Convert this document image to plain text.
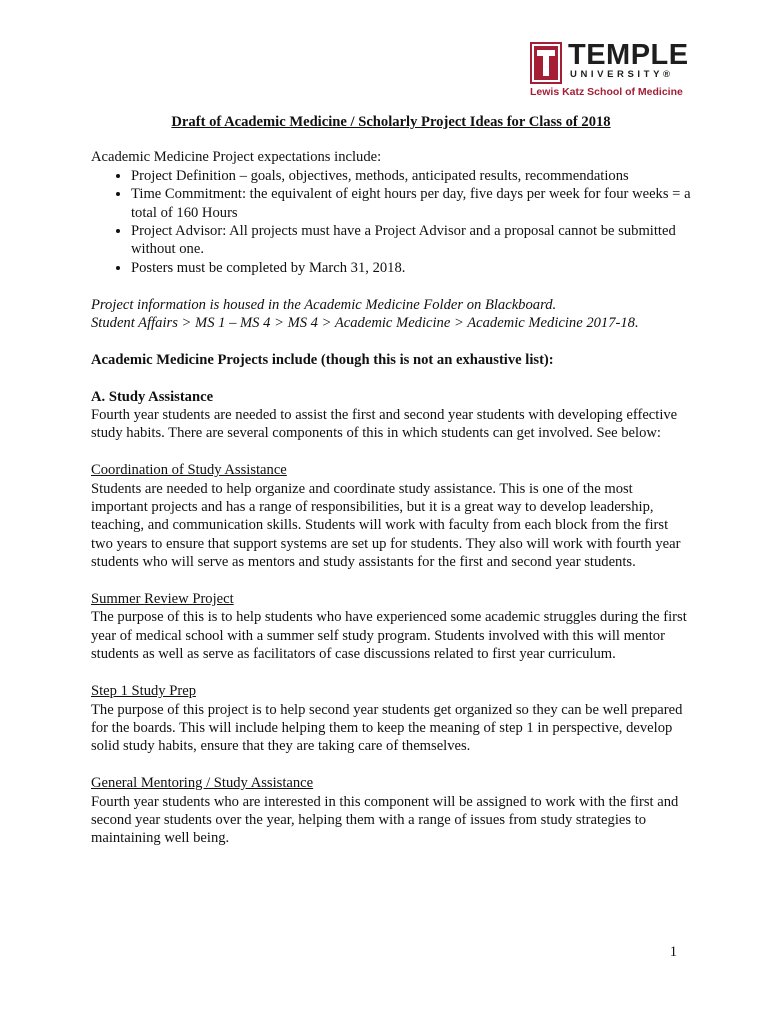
TEMPLE
UNIVERSITY®
Lewis Katz School of Medicine

Draft of Academic Medicine / Scholarly Project Ideas for Class of 2018

Academic Medicine Project expectations include:

• Project Definition – goals, objectives, methods, anticipated results, recommendations
• Time Commitment: the equivalent of eight hours per day, five days per week for four weeks = a total of 160 Hours
• Project Advisor: All projects must have a Project Advisor and a proposal cannot be submitted without one.
• Posters must be completed by March 31, 2018.

Project information is housed in the Academic Medicine Folder on Blackboard.

Student Affairs > MS 1 – MS 4 > MS 4 > Academic Medicine > Academic Medicine 2017-18.

Academic Medicine Projects include (though this is not an exhaustive list):

A. Study Assistance

Fourth year students are needed to assist the first and second year students with developing effective study habits. There are several components of this in which students can get involved. See below:

Coordination of Study Assistance

Students are needed to help organize and coordinate study assistance. This is one of the most important projects and has a range of responsibilities, but it is a great way to develop leadership, teaching, and communication skills. Students will work with faculty from each block from the first two years to ensure that support systems are set up for students. They also will work with fourth year students who will serve as mentors and study assistants for the first and second year students.

Summer Review Project

The purpose of this is to help students who have experienced some academic struggles during the first year of medical school with a summer self study program. Students involved with this will mentor students as well as serve as facilitators of case discussions related to first year curriculum.

Step 1 Study Prep

The purpose of this project is to help second year students get organized so they can be well prepared for the boards. This will include helping them to keep the meaning of step 1 in perspective, develop solid study habits, ensure that they are taking care of themselves.

General Mentoring / Study Assistance

Fourth year students who are interested in this component will be assigned to work with the first and second year students over the year, helping them with a range of issues from study strategies to maintaining well being.

1
